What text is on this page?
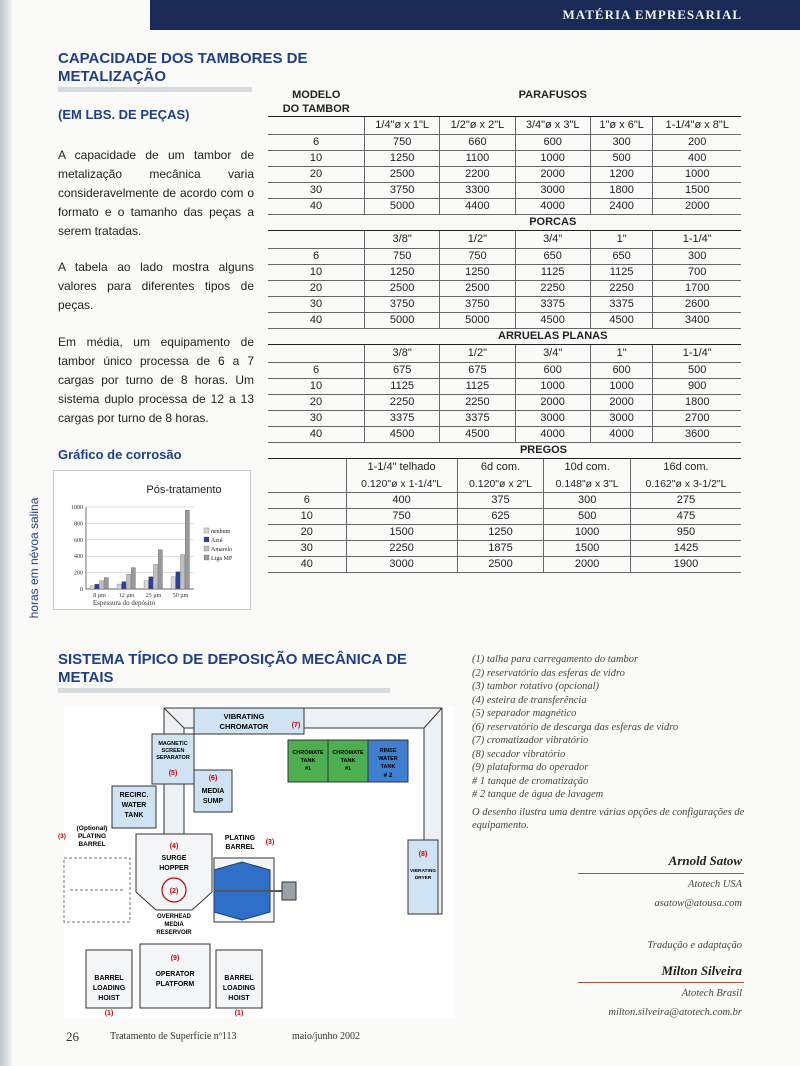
MATÉRIA EMPRESARIAL
CAPACIDADE DOS TAMBORES DE
METALIZAÇÃO
(EM LBS. DE PEÇAS)

A capacidade de um tambor de metalização mecânica varia consideravelmente de acordo com o formato e o tamanho das peças a serem tratadas.

A tabela ao lado mostra alguns valores para diferentes tipos de peças.

Em média, um equipamento de tambor único processa de 6 a 7 cargas por turno de 8 horas. Um sistema duplo processa de 12 a 13 cargas por turno de 8 horas.

Gráfico de corrosão
horas em névoa salina
Pós-tratamento
0
200
400
600
800
1000
8 µm 12 µm 25 µm 50 µm
nenhum
Azul
Amarelo
Liga MP
Espessura do depósito
MODELO	PARAFUSOS				
DO TAMBOR					
	1/4"ø x 1"L	1/2"ø x 2"L	3/4"ø x 3"L	1"ø x 6"L	1-1/4"ø x 8"L
6	750	660	600	300	200
10	1250	1100	1000	500	400
20	2500	2200	2000	1200	1000
30	3750	3300	3000	1800	1500
40	5000	4400	4000	2400	2000
	PORCAS				
	3/8"	1/2"	3/4"	1"	1-1/4"
6	750	750	650	650	300
10	1250	1250	1125	1125	700
20	2500	2500	2250	2250	1700
30	3750	3750	3375	3375	2600
40	5000	5000	4500	4500	3400
	ARRUELAS PLANAS				
	3/8"	1/2"	3/4"	1"	1-1/4"
6	675	675	600	600	500
10	1125	1125	1000	1000	900
20	2250	2250	2000	2000	1800
30	3375	3375	3000	3000	2700
40	4500	4500	4000	4000	3600
	PREGOS			
	1-1/4" telhado	6d com.	10d com.	16d com.
	0.120"ø x 1-1/4"L	0.120"ø x 2"L	0.148"ø x 3"L	0.162"ø x 3-1/2"L
6	400	375	300	275
10	750	625	500	475
20	1500	1250	1000	950
30	2250	1875	1500	1425
40	3000	2500	2000	1900
SISTEMA TÍPICO DE DEPOSIÇÃO MECÂNICA DE
METAIS
VIBRATING
CHROMATOR	(7)
CHROMATE
TANK
#1
CHROMATE
TANK
#1
RINSE
WATER
TANK
# 2
MAGNETIC
SCREEN
SEPARATOR
(5)
RECIRC.
WATER
TANK
(6)
MEDIA
SUMP
(4)
SURGE
HOPPER
(2)
OVERHEAD
MEDIA
RESERVOIR
(Optional)
PLATING
BARREL
(3)	PLATING
BARREL
(3)
(8)
VIBRATING
DRYER
(9)
OPERATOR
PLATFORM
BARREL
LOADING
HOIST
(1)
BARREL
LOADING
HOIST
(1)
(1) talha para carregamento do tambor
(2) reservatório das esferas de vidro
(3) tambor rotativo (opcional)
(4) esteira de transferência
(5) separador magnético
(6) reservatório de descarga das esferas de vidro
(7) cromatizador vibratório
(8) secador vibratório
(9) plataforma do operador
# 1 tanque de cromatização
# 2 tanque de água de lavagem
O desenho ilustra uma dentre várias opções de configurações de equipamento.
Arnold Satow
Atotech USA
asatow@atousa.com
Tradução e adaptação
Milton Silveira
Atotech Brasil
milton.silveira@atotech.com.br
26	Tratamento de Superfície nº113	maio/junho 2002
